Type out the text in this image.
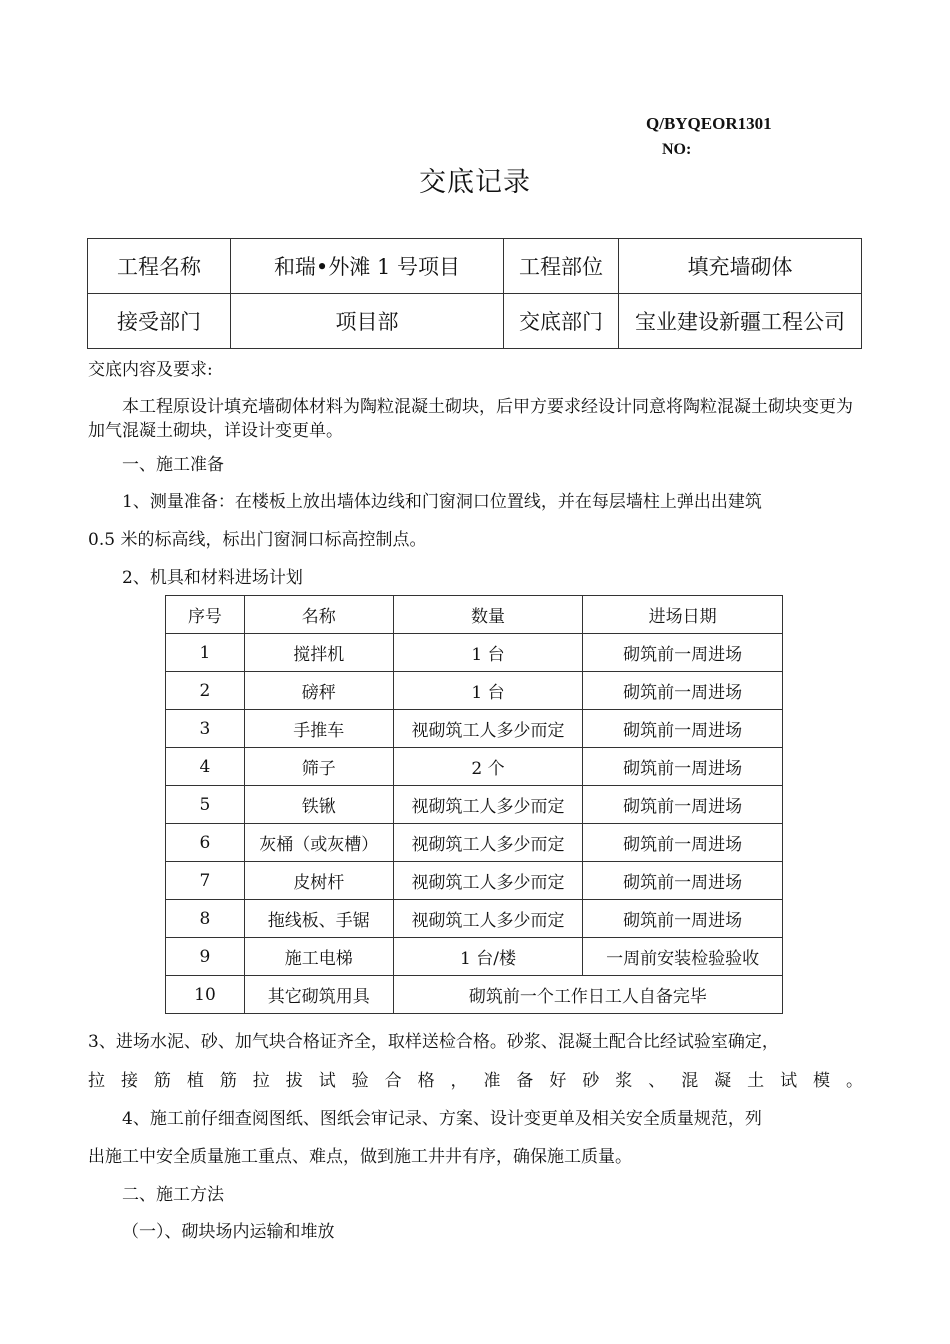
Q/BYQEOR1301
NO:
交底记录
工程名称	和瑞•外滩 1 号项目	工程部位	填充墙砌体
接受部门	项目部	交底部门	宝业建设新疆工程公司
交底内容及要求:
本工程原设计填充墙砌体材料为陶粒混凝土砌块，后甲方要求经设计同意将陶粒混凝土砌块变更为加气混凝土砌块，详设计变更单。
一、施工准备
1、测量准备：在楼板上放出墙体边线和门窗洞口位置线，并在每层墙柱上弹出出建筑
0.5 米的标高线，标出门窗洞口标高控制点。
2、机具和材料进场计划
序号	名称	数量	进场日期
1	搅拌机	1 台	砌筑前一周进场
2	磅秤	1 台	砌筑前一周进场
3	手推车	视砌筑工人多少而定	砌筑前一周进场
4	筛子	2 个	砌筑前一周进场
5	铁锹	视砌筑工人多少而定	砌筑前一周进场
6	灰桶（或灰槽）	视砌筑工人多少而定	砌筑前一周进场
7	皮树杆	视砌筑工人多少而定	砌筑前一周进场
8	拖线板、手锯	视砌筑工人多少而定	砌筑前一周进场
9	施工电梯	1 台/楼	一周前安装检验验收
10	其它砌筑用具	砌筑前一个工作日工人自备完毕	
3、进场水泥、砂、加气块合格证齐全，取样送检合格。砂浆、混凝土配合比经试验室确定，
拉接筋植筋拉拔试验合格，准备好砂浆、混凝土试模。
4、施工前仔细查阅图纸、图纸会审记录、方案、设计变更单及相关安全质量规范，列
出施工中安全质量施工重点、难点，做到施工井井有序，确保施工质量。
二、施工方法
（一）、砌块场内运输和堆放
